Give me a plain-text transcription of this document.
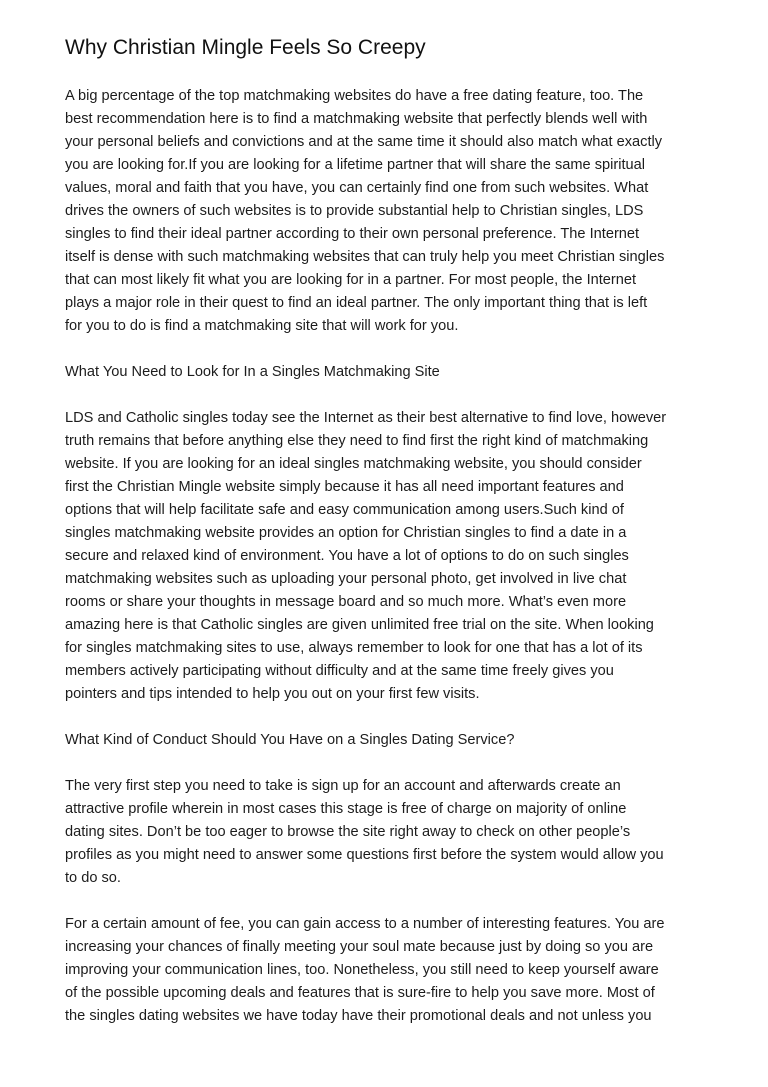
Why Christian Mingle Feels So Creepy
A big percentage of the top matchmaking websites do have a free dating feature, too. The
best recommendation here is to find a matchmaking website that perfectly blends well with
your personal beliefs and convictions and at the same time it should also match what exactly
you are looking for.If you are looking for a lifetime partner that will share the same spiritual
values, moral and faith that you have, you can certainly find one from such websites. What
drives the owners of such websites is to provide substantial help to Christian singles, LDS
singles to find their ideal partner according to their own personal preference. The Internet
itself is dense with such matchmaking websites that can truly help you meet Christian singles
that can most likely fit what you are looking for in a partner. For most people, the Internet
plays a major role in their quest to find an ideal partner. The only important thing that is left
for you to do is find a matchmaking site that will work for you.
What You Need to Look for In a Singles Matchmaking Site
LDS and Catholic singles today see the Internet as their best alternative to find love, however
truth remains that before anything else they need to find first the right kind of matchmaking
website. If you are looking for an ideal singles matchmaking website, you should consider
first the Christian Mingle website simply because it has all need important features and
options that will help facilitate safe and easy communication among users.Such kind of
singles matchmaking website provides an option for Christian singles to find a date in a
secure and relaxed kind of environment. You have a lot of options to do on such singles
matchmaking websites such as uploading your personal photo, get involved in live chat
rooms or share your thoughts in message board and so much more. What’s even more
amazing here is that Catholic singles are given unlimited free trial on the site. When looking
for singles matchmaking sites to use, always remember to look for one that has a lot of its
members actively participating without difficulty and at the same time freely gives you
pointers and tips intended to help you out on your first few visits.
What Kind of Conduct Should You Have on a Singles Dating Service?
The very first step you need to take is sign up for an account and afterwards create an
attractive profile wherein in most cases this stage is free of charge on majority of online
dating sites. Don’t be too eager to browse the site right away to check on other people’s
profiles as you might need to answer some questions first before the system would allow you
to do so.
For a certain amount of fee, you can gain access to a number of interesting features. You are
increasing your chances of finally meeting your soul mate because just by doing so you are
improving your communication lines, too. Nonetheless, you still need to keep yourself aware
of the possible upcoming deals and features that is sure-fire to help you save more. Most of
the singles dating websites we have today have their promotional deals and not unless you
